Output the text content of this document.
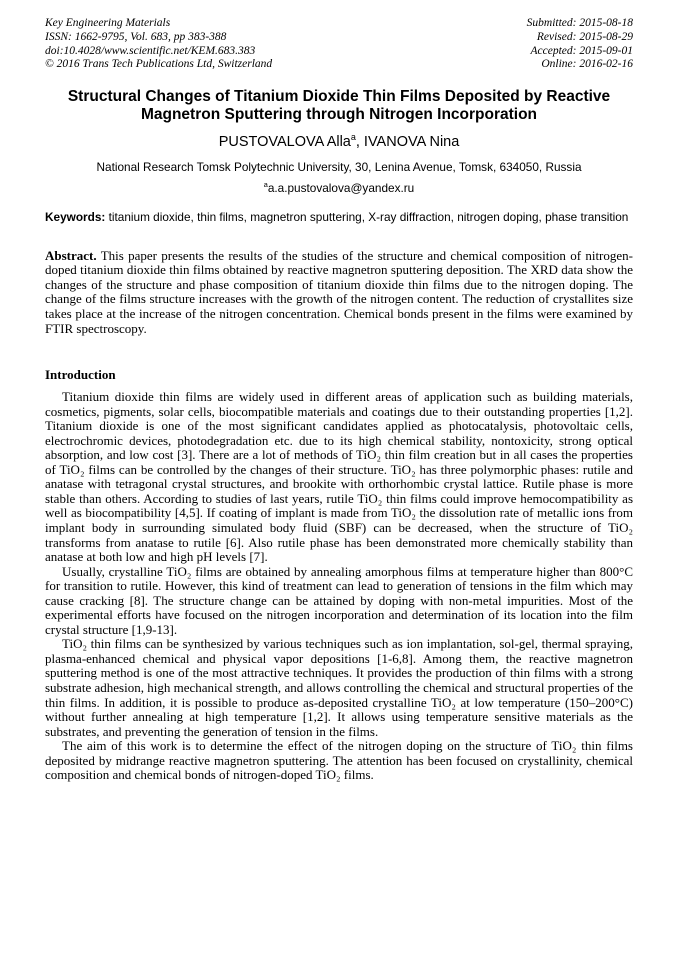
Key Engineering Materials
ISSN: 1662-9795, Vol. 683, pp 383-388
doi:10.4028/www.scientific.net/KEM.683.383
© 2016 Trans Tech Publications Ltd, Switzerland
Submitted: 2015-08-18
Revised: 2015-08-29
Accepted: 2015-09-01
Online: 2016-02-16
Structural Changes of Titanium Dioxide Thin Films Deposited by Reactive Magnetron Sputtering through Nitrogen Incorporation
PUSTOVALOVA Alla$^a$, IVANOVA Nina
National Research Tomsk Polytechnic University, 30, Lenina Avenue, Tomsk, 634050, Russia
$^a$a.a.pustovalova@yandex.ru
Keywords: titanium dioxide, thin films, magnetron sputtering, X-ray diffraction, nitrogen doping, phase transition
Abstract. This paper presents the results of the studies of the structure and chemical composition of nitrogen-doped titanium dioxide thin films obtained by reactive magnetron sputtering deposition. The XRD data show the changes of the structure and phase composition of titanium dioxide thin films due to the nitrogen doping. The change of the films structure increases with the growth of the nitrogen content. The reduction of crystallites size takes place at the increase of the nitrogen concentration. Chemical bonds present in the films were examined by FTIR spectroscopy.
Introduction

Titanium dioxide thin films are widely used in different areas of application such as building materials, cosmetics, pigments, solar cells, biocompatible materials and coatings due to their outstanding properties [1,2]. Titanium dioxide is one of the most significant candidates applied as photocatalysis, photovoltaic cells, electrochromic devices, photodegradation etc. due to its high chemical stability, nontoxicity, strong optical absorption, and low cost [3]. There are a lot of methods of TiO₂ thin film creation but in all cases the properties of TiO₂ films can be controlled by the changes of their structure. TiO₂ has three polymorphic phases: rutile and anatase with tetragonal crystal structures, and brookite with orthorhombic crystal lattice. Rutile phase is more stable than others. According to studies of last years, rutile TiO₂ thin films could improve hemocompatibility as well as biocompatibility [4,5]. If coating of implant is made from TiO₂ the dissolution rate of metallic ions from implant body in surrounding simulated body fluid (SBF) can be decreased, when the structure of TiO₂ transforms from anatase to rutile [6]. Also rutile phase has been demonstrated more chemically stability than anatase at both low and high pH levels [7].

Usually, crystalline TiO₂ films are obtained by annealing amorphous films at temperature higher than 800°C for transition to rutile. However, this kind of treatment can lead to generation of tensions in the film which may cause cracking [8]. The structure change can be attained by doping with non-metal impurities. Most of the experimental efforts have focused on the nitrogen incorporation and determination of its location into the film crystal structure [1,9-13].

TiO₂ thin films can be synthesized by various techniques such as ion implantation, sol-gel, thermal spraying, plasma-enhanced chemical and physical vapor depositions [1-6,8]. Among them, the reactive magnetron sputtering method is one of the most attractive techniques. It provides the production of thin films with a strong substrate adhesion, high mechanical strength, and allows controlling the chemical and structural properties of the thin films. In addition, it is possible to produce as-deposited crystalline TiO₂ at low temperature (150–200°C) without further annealing at high temperature [1,2]. It allows using temperature sensitive materials as the substrates, and preventing the generation of tension in the films.

The aim of this work is to determine the effect of the nitrogen doping on the structure of TiO₂ thin films deposited by midrange reactive magnetron sputtering. The attention has been focused on crystallinity, chemical composition and chemical bonds of nitrogen-doped TiO₂ films.
